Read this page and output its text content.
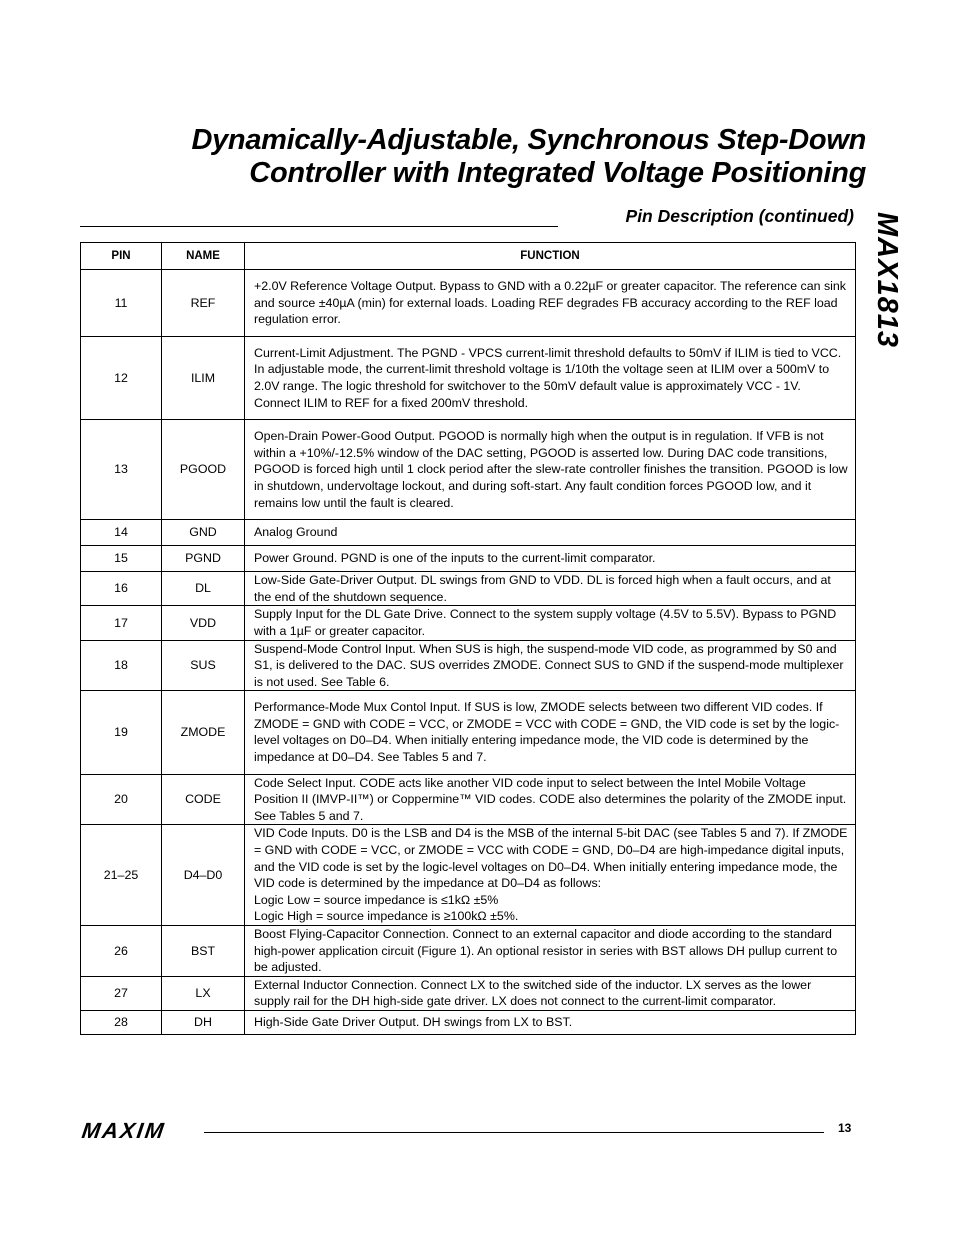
Dynamically-Adjustable, Synchronous Step-Down
Controller with Integrated Voltage Positioning
MAX1813
Pin Description (continued)
PIN	NAME	FUNCTION
11	REF	+2.0V Reference Voltage Output. Bypass to GND with a 0.22µF or greater capacitor. The reference can sink and source ±40µA (min) for external loads. Loading REF degrades FB accuracy according to the REF load regulation error.

12	ILIM	Current-Limit Adjustment. The PGND - VPCS current-limit threshold defaults to 50mV if ILIM is tied to VCC. In adjustable mode, the current-limit threshold voltage is 1/10th the voltage seen at ILIM over a 500mV to 2.0V range. The logic threshold for switchover to the 50mV default value is approximately VCC - 1V. Connect ILIM to REF for a fixed 200mV threshold.

13	PGOOD	Open-Drain Power-Good Output. PGOOD is normally high when the output is in regulation. If VFB is not within a +10%/-12.5% window of the DAC setting, PGOOD is asserted low. During DAC code transitions, PGOOD is forced high until 1 clock period after the slew-rate controller finishes the transition. PGOOD is low in shutdown, undervoltage lockout, and during soft-start. Any fault condition forces PGOOD low, and it remains low until the fault is cleared.

14	GND	Analog Ground

15	PGND	Power Ground. PGND is one of the inputs to the current-limit comparator.

16	DL	Low-Side Gate-Driver Output. DL swings from GND to VDD. DL is forced high when a fault occurs, and at the end of the shutdown sequence.

17	VDD	Supply Input for the DL Gate Drive. Connect to the system supply voltage (4.5V to 5.5V). Bypass to PGND with a 1µF or greater capacitor.

18	SUS	Suspend-Mode Control Input. When SUS is high, the suspend-mode VID code, as programmed by S0 and S1, is delivered to the DAC. SUS overrides ZMODE. Connect SUS to GND if the suspend-mode multiplexer is not used. See Table 6.

19	ZMODE	Performance-Mode Mux Contol Input. If SUS is low, ZMODE selects between two different VID codes. If ZMODE = GND with CODE = VCC, or ZMODE = VCC with CODE = GND, the VID code is set by the logic-level voltages on D0–D4. When initially entering impedance mode, the VID code is determined by the impedance at D0–D4. See Tables 5 and 7.

20	CODE	Code Select Input. CODE acts like another VID code input to select between the Intel Mobile Voltage Position II (IMVP-II™) or Coppermine™ VID codes. CODE also determines the polarity of the ZMODE input. See Tables 5 and 7.

21–25	D4–D0	VID Code Inputs. D0 is the LSB and D4 is the MSB of the internal 5-bit DAC (see Tables 5 and 7). If ZMODE = GND with CODE = VCC, or ZMODE = VCC with CODE = GND, D0–D4 are high-impedance digital inputs, and the VID code is set by the logic-level voltages on D0–D4. When initially entering impedance mode, the VID code is determined by the impedance at D0–D4 as follows:
Logic Low = source impedance is ≤1kΩ ±5%
Logic High = source impedance is ≥100kΩ ±5%.

26	BST	Boost Flying-Capacitor Connection. Connect to an external capacitor and diode according to the standard high-power application circuit (Figure 1). An optional resistor in series with BST allows DH pullup current to be adjusted.

27	LX	External Inductor Connection. Connect LX to the switched side of the inductor. LX serves as the lower supply rail for the DH high-side gate driver. LX does not connect to the current-limit comparator.

28	DH	High-Side Gate Driver Output. DH swings from LX to BST.
MAXIM	13
